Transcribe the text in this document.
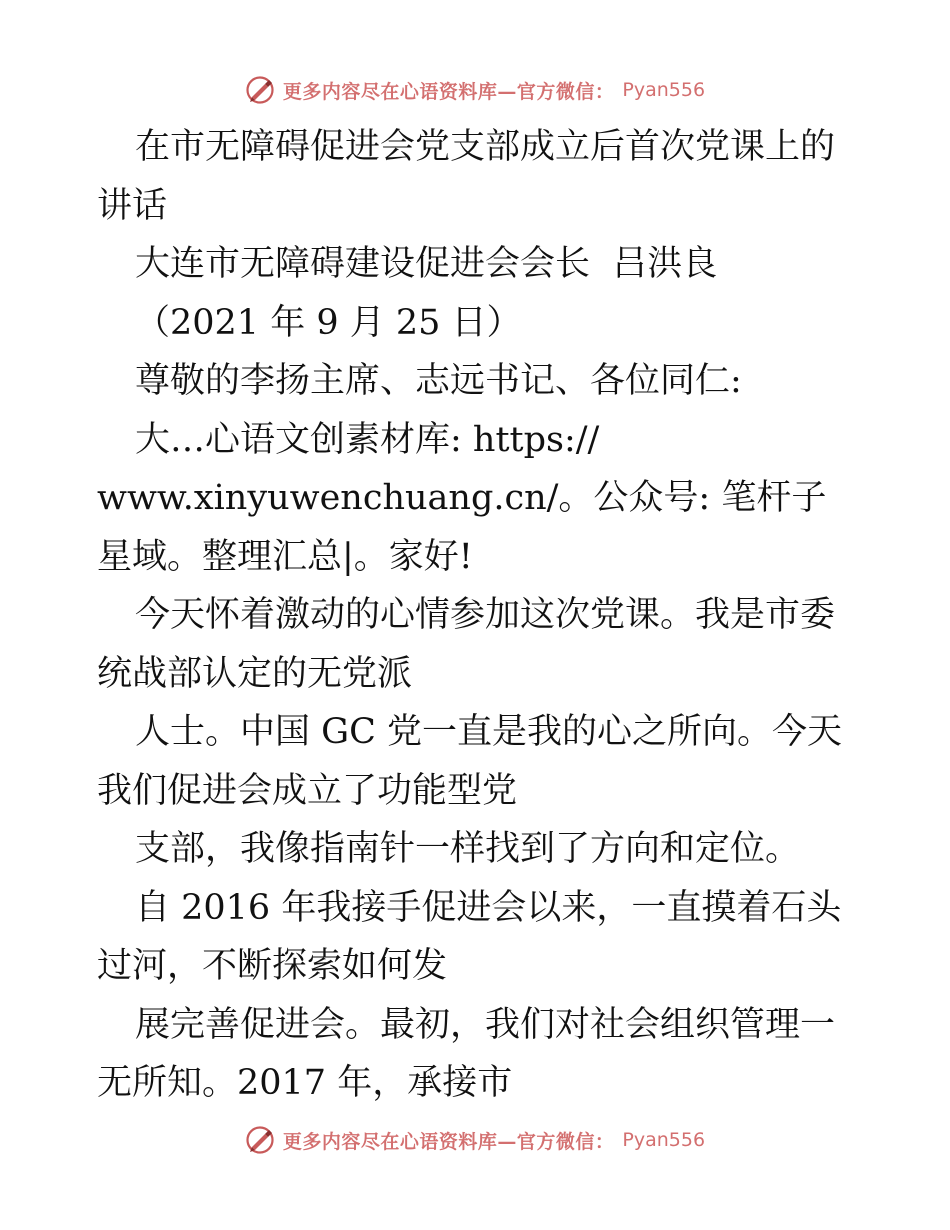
更多内容尽在心语资料库—官方微信： Pyan556

在市无障碍促进会党支部成立后首次党课上的讲话

大连市无障碍建设促进会会长  吕洪良

（2021 年 9 月 25 日）

尊敬的李扬主席、志远书记、各位同仁:

大…心语文创素材库: https://

www.xinyuwenchuang.cn/。公众号: 笔杆子星域。整理汇总|。家好!

今天怀着激动的心情参加这次党课。我是市委统战部认定的无党派

人士。中国 GC 党一直是我的心之所向。今天我们促进会成立了功能型党

支部，我像指南针一样找到了方向和定位。

自 2016 年我接手促进会以来，一直摸着石头过河，不断探索如何发

展完善促进会。最初，我们对社会组织管理一无所知。2017 年，承接市

更多内容尽在心语资料库—官方微信： Pyan556
